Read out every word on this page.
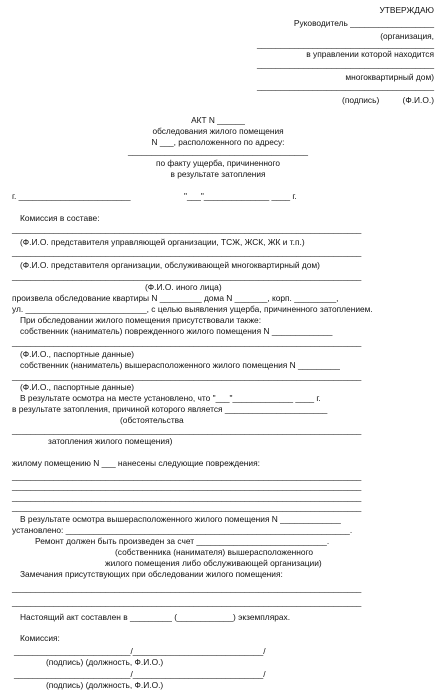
УТВЕРЖДАЮ

Руководитель __________________

(организация,

______________________________________

в управлении которой находится

______________________________________

многоквартирный дом)

______________________________________

(подпись)          (Ф.И.О.)

АКТ N ______

обследования жилого помещения

N ___, расположенного по адресу:

_______________________________________

по факту ущерба, причиненного

в результате затопления

г. ________________________                       "___"______________ ____ г.

Комиссия в составе:

___________________________________________________________________________

(Ф.И.О. представителя управляющей организации, ТСЖ, ЖСК, ЖК и т.п.)

___________________________________________________________________________

(Ф.И.О. представителя организации, обслуживающей многоквартирный дом)

___________________________________________________________________________

(Ф.И.О. иного лица)

произвела обследование квартиры N _________ дома N _______, корп. _________,

ул. __________________________, с целью выявления ущерба, причиненного затоплением.

При обследовании жилого помещения присутствовали также:

собственник (наниматель) поврежденного жилого помещения N _____________

___________________________________________________________________________

(Ф.И.О., паспортные данные)

собственник (наниматель) вышерасположенного жилого помещения N _________

___________________________________________________________________________

(Ф.И.О., паспортные данные)

В результате осмотра на месте установлено, что "___"_____________ ____ г.

в результате затопления, причиной которого является ______________________

(обстоятельства

___________________________________________________________________________

затопления жилого помещения)

жилому помещению N ___ нанесены следующие повреждения:

___________________________________________________________________________

___________________________________________________________________________

___________________________________________________________________________

___________________________________________________________________________

В результате осмотра вышерасположенного жилого помещения N _____________

установлено: _____________________________________________________________.

Ремонт должен быть произведен за счет ____________________________.

(собственника (нанимателя) вышерасположенного

жилого помещения либо обслуживающей организации)

Замечания присутствующих при обследовании жилого помещения:

___________________________________________________________________________

___________________________________________________________________________

Настоящий акт составлен в _________ (____________) экземплярах.

Комиссия:

_________________________/____________________________/

(подпись) (должность, Ф.И.О.)

_________________________/____________________________/

(подпись) (должность, Ф.И.О.)
